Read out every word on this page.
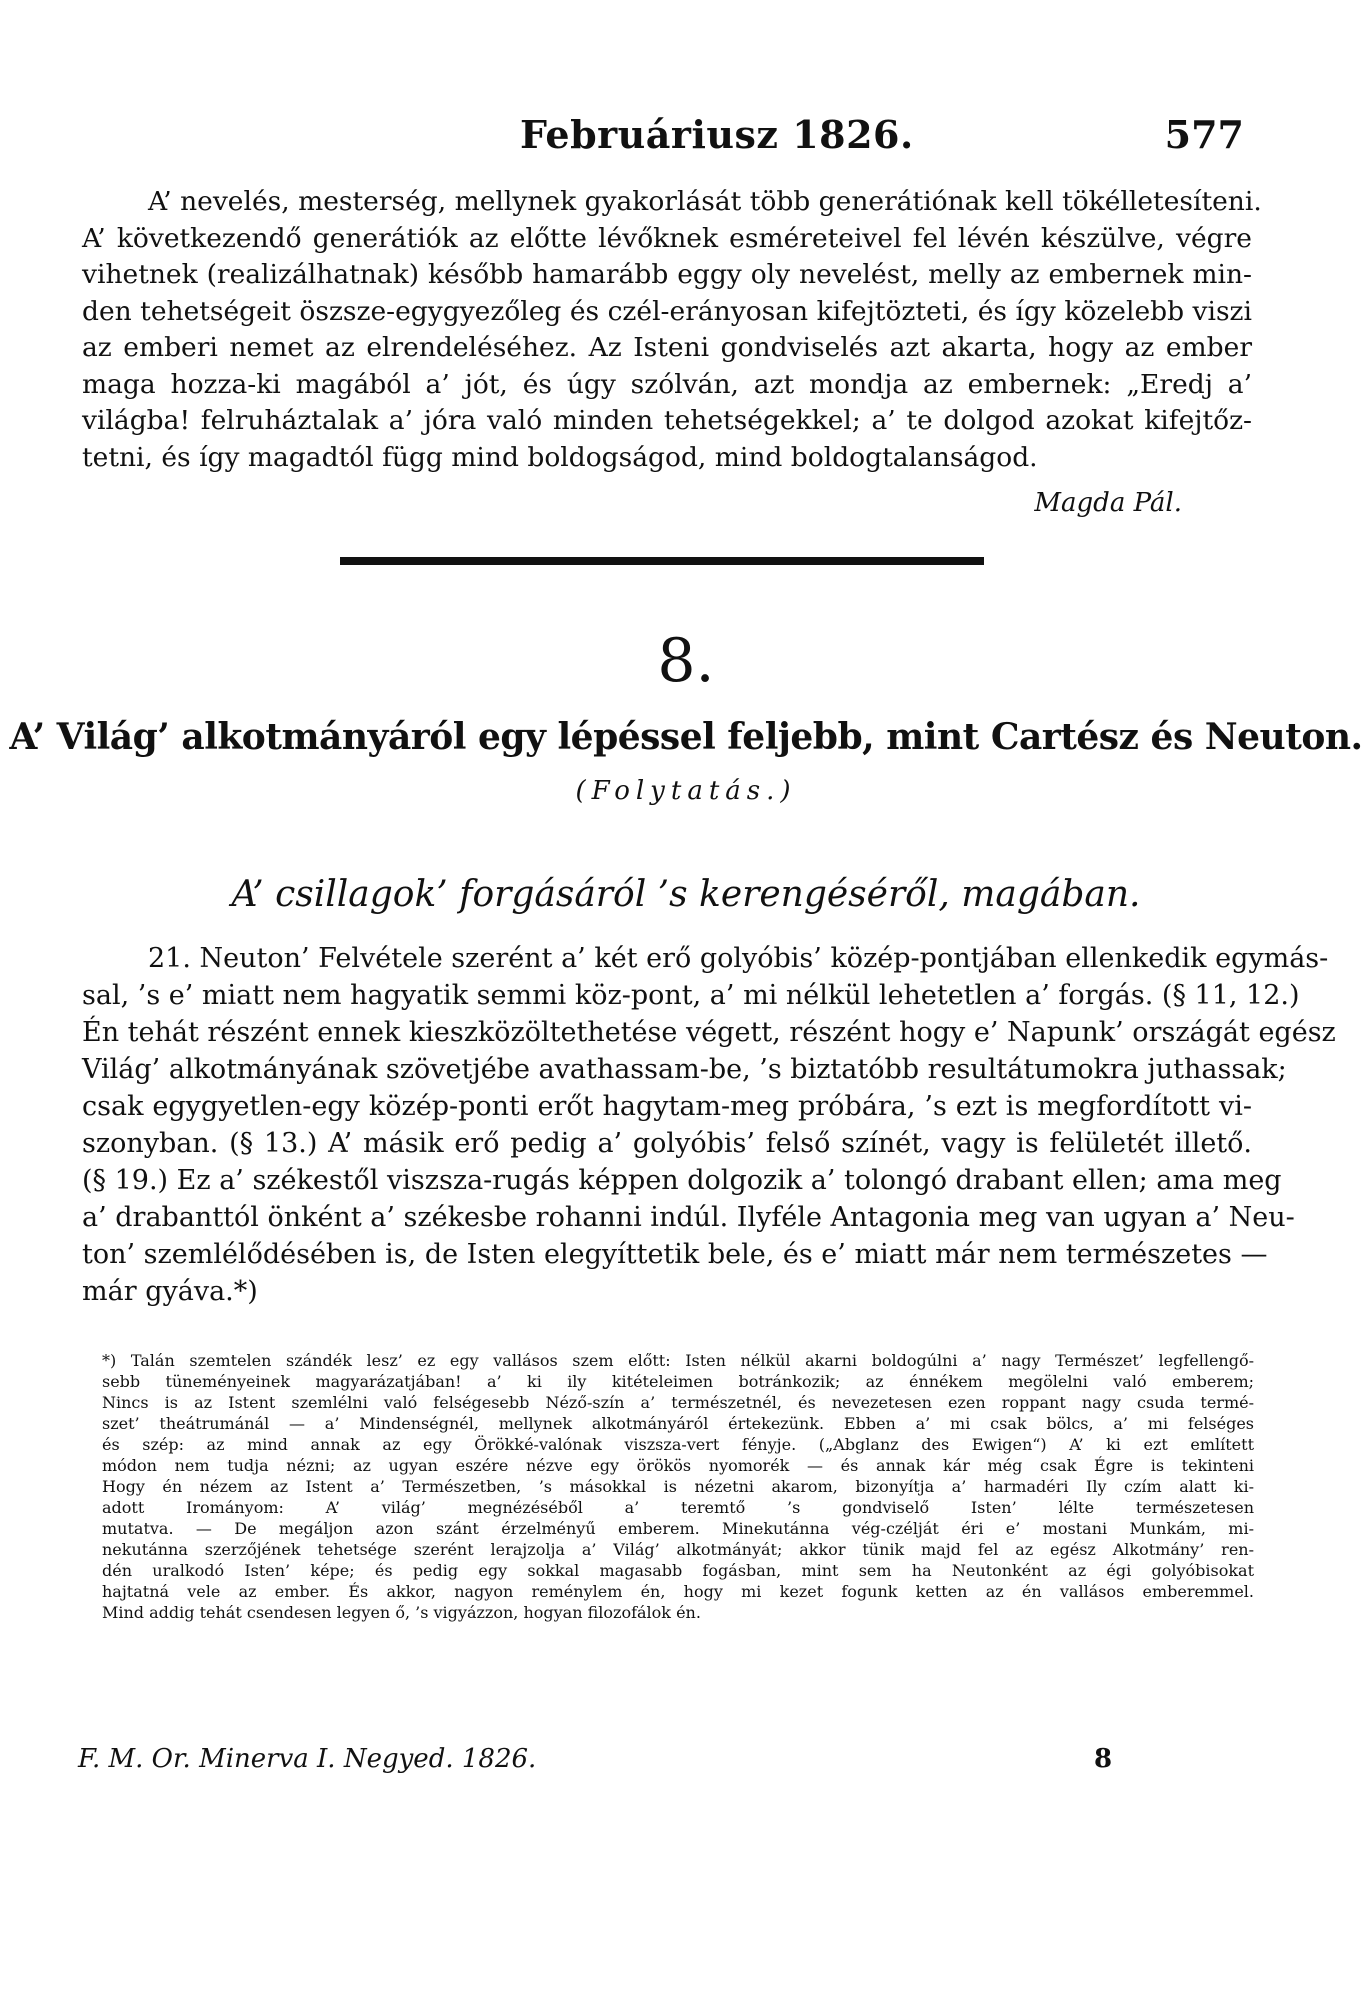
Februáriusz 1826.	577
A’ nevelés, mesterség, mellynek gyakorlását több generátiónak kell tökélletesíteni.
A’ következendő generátiók az előtte lévőknek esméreteivel fel lévén készülve, végre
vihetnek (realizálhatnak) később hamarább eggy oly nevelést, melly az embernek min-
den tehetségeit öszsze-egygyezőleg és czél-erányosan kifejtözteti, és így közelebb viszi
az emberi nemet az elrendeléséhez. Az Isteni gondviselés azt akarta, hogy az ember
maga hozza-ki magából a’ jót, és úgy szólván, azt mondja az embernek: „Eredj a’
világba! felruháztalak a’ jóra való minden tehetségekkel; a’ te dolgod azokat kifejtőz-
tetni, és így magadtól függ mind boldogságod, mind boldogtalanságod.
Magda Pál.
8.
A’ Világ’ alkotmányáról egy lépéssel feljebb, mint Cartész és Neuton.
(Folytatás.)
A’ csillagok’ forgásáról ’s kerengéséről, magában.
21. Neuton’ Felvétele szerént a’ két erő golyóbis’ közép-pontjában ellenkedik egymás-
sal, ’s e’ miatt nem hagyatik semmi köz-pont, a’ mi nélkül lehetetlen a’ forgás. (§ 11, 12.)
Én tehát részént ennek kieszközöltethetése végett, részént hogy e’ Napunk’ országát egész
Világ’ alkotmányának szövetjébe avathassam-be, ’s biztatóbb resultátumokra juthassak;
csak egygyetlen-egy közép-ponti erőt hagytam-meg próbára, ’s ezt is megfordított vi-
szonyban. (§ 13.) A’ másik erő pedig a’ golyóbis’ felső színét, vagy is felületét illető.
(§ 19.) Ez a’ székestől viszsza-rugás képpen dolgozik a’ tolongó drabant ellen; ama meg
a’ drabanttól önként a’ székesbe rohanni indúl. Ilyféle Antagonia meg van ugyan a’ Neu-
ton’ szemlélődésében is, de Isten elegyíttetik bele, és e’ miatt már nem természetes —
már gyáva.*)
*) Talán szemtelen szándék lesz’ ez egy vallásos szem előtt: Isten nélkül akarni boldogúlni a’ nagy Természet’ legfellengő-
sebb tüneményeinek magyarázatjában! a’ ki ily kitételeimen botránkozik; az énnékem megölelni való emberem;
Nincs is az Istent szemlélni való felségesebb Néző-szín a’ természetnél, és nevezetesen ezen roppant nagy csuda termé-
szet’ theátrumánál — a’ Mindenségnél, mellynek alkotmányáról értekezünk. Ebben a’ mi csak bölcs, a’ mi felséges
és szép: az mind annak az egy Örökké-valónak viszsza-vert fényje. („Abglanz des Ewigen“) A’ ki ezt említett
módon nem tudja nézni; az ugyan eszére nézve egy örökös nyomorék — és annak kár még csak Égre is tekinteni
Hogy én nézem az Istent a’ Természetben, ’s másokkal is nézetni akarom, bizonyítja a’ harmadéri Ily czím alatt ki-
adott Irományom: A’ világ’ megnézéséből a’ teremtő ’s gondviselő Isten’ lélte természetesen
mutatva. — De megáljon azon szánt érzelményű emberem. Minekutánna vég-czélját éri e’ mostani Munkám, mi-
nekutánna szerzőjének tehetsége szerént lerajzolja a’ Világ’ alkotmányát; akkor tünik majd fel az egész Alkotmány’ ren-
dén uralkodó Isten’ képe; és pedig egy sokkal magasabb fogásban, mint sem ha Neutonként az égi golyóbisokat
hajtatná vele az ember. És akkor, nagyon reménylem én, hogy mi kezet fogunk ketten az én vallásos emberemmel.
Mind addig tehát csendesen legyen ő, ’s vigyázzon, hogyan filozofálok én.
F. M. Or. Minerva I. Negyed. 1826.	8
